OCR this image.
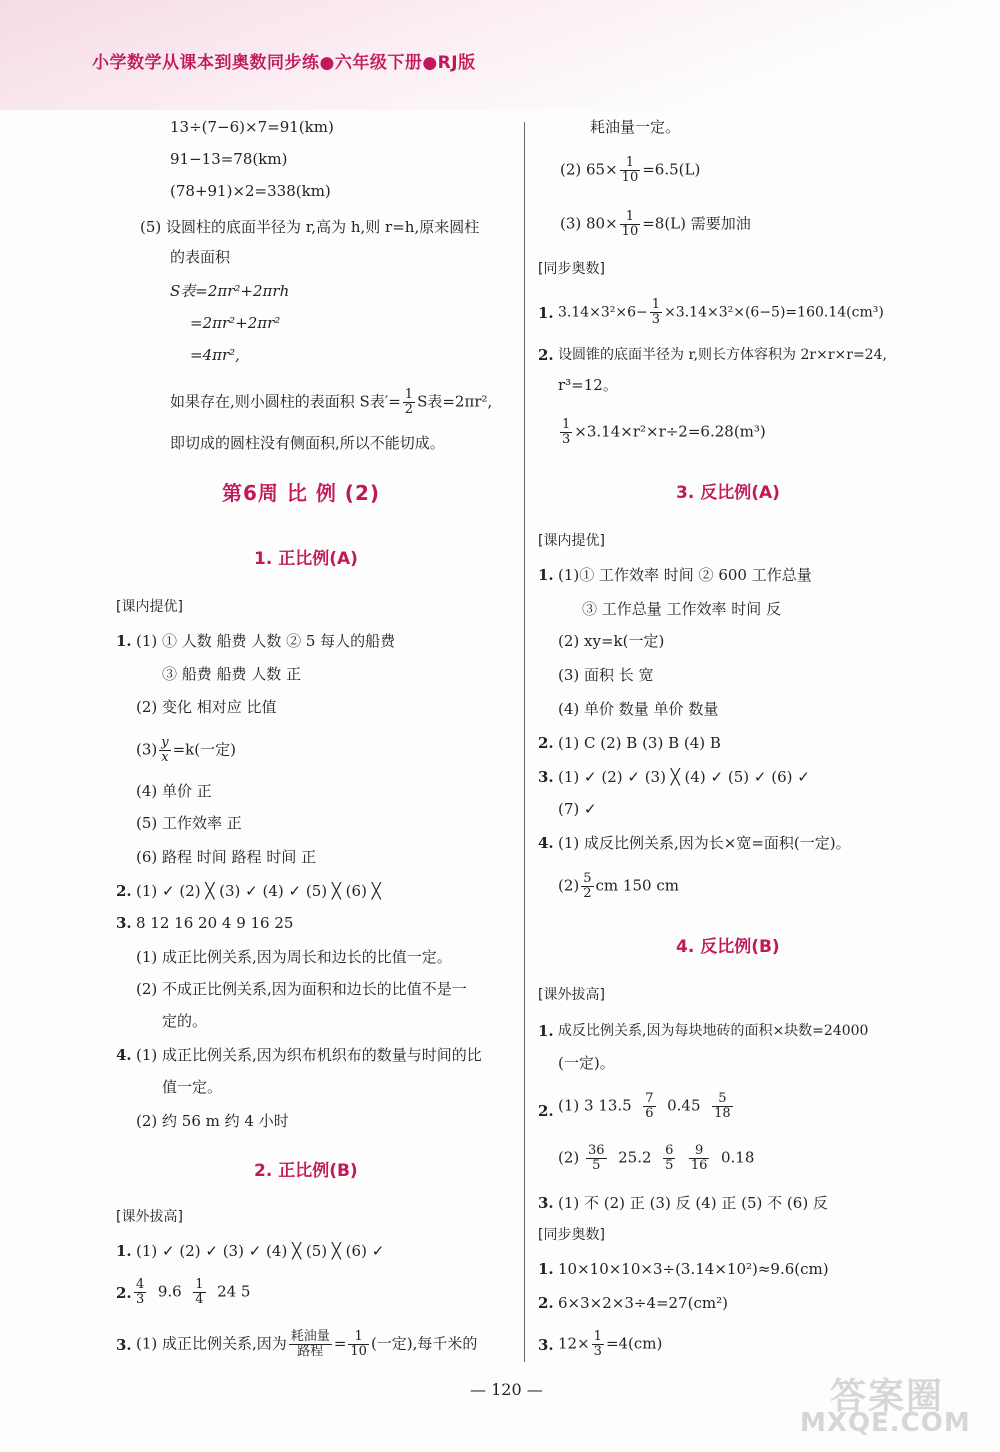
小学数学从课本到奥数同步练●六年级下册●RJ版
13÷(7−6)×7=91(km)
91−13=78(km)
(78+91)×2=338(km)
(5) 设圆柱的底面半径为 r,高为 h,则 r=h,原来圆柱
的表面积
S表=2πr²+2πrh
=2πr²+2πr²
=4πr²,
如果存在,则小圆柱的表面积 S表′= $\frac{1}{2}$ S表=2πr²,
即切成的圆柱没有侧面积,所以不能切成。
第6周 比 例 (2)
1. 正比例(A)
[课内提优]
1. (1) ① 人数 船费 人数 ② 5 每人的船费
③ 船费 船费 人数 正
(2) 变化 相对应 比值
$(3) \frac{y}{x} =k$(一定)
(4) 单价 正
(5) 工作效率 正
(6) 路程 时间 路程 时间 正
2. (1) ✓ (2) ╳ (3) ✓ (4) ✓ (5) ╳ (6) ╳
3. 8 12 16 20 4 9 16 25
(1) 成正比例关系,因为周长和边长的比值一定。
(2) 不成正比例关系,因为面积和边长的比值不是一
定的。
4. (1) 成正比例关系,因为织布机织布的数量与时间的比
值一定。
(2) 约 56 m 约 4 小时
2. 正比例(B)
[课外拔高]
1. (1) ✓ (2) ✓ (3) ✓ (4) ╳ (5) ╳ (6) ✓
2. $\frac{4}{3} 9.6 \frac{1}{4} 24$ 5
3. (1) 成正比例关系,因为 耗油量
路程 = $\frac{1}{10}$ (一定),每千米的
耗油量一定。
(2) $65\times \frac{1}{10} =6.5(L)$
(3) $80\times \frac{1}{10} =8(L)$ 需要加油
[同步奥数]
1. $3.14\times 3^2\times 6- \frac{1}{3} \times 3.14\times 3^2\times(6-5)=160.14(cm^3)$
2. 设圆锥的底面半径为 r,则长方体容积为 2r×r×r=24,
r³=12。
$\frac{1}{3} \times 3.14\times r^2\times r\div 2=6.28(m^3)$
3. 反比例(A)
[课内提优]
1. (1)① 工作效率 时间 ② 600 工作总量
③ 工作总量 工作效率 时间 反
(2) xy=k(一定)
(3) 面积 长 宽
(4) 单价 数量 单价 数量
2. (1) C (2) B (3) B (4) B
3. (1) ✓ (2) ✓ (3) ╳ (4) ✓ (5) ✓ (6) ✓
(7) ✓
4. (1) 成反比例关系,因为长×宽=面积(一定)。
$(2) \frac{5}{2}$ cm 150 cm
4. 反比例(B)
[课外拔高]
1. 成反比例关系,因为每块地砖的面积×块数=24000
(一定)。
2. (1) 3 $13.5 \frac{7}{6} 0.45 \frac{5}{18}$
$(2) \frac{36}{5} 25.2 \frac{6}{5}$
$\frac{9}{16} 0.18$
3. (1) 不 (2) 正 (3) 反 (4) 正 (5) 不 (6) 反
[同步奥数]
1. 10×10×10×3÷(3.14×10²)≈9.6(cm)
2. 6×3×2×3÷4=27(cm²)
3. $12\times \frac{1}{3} =4(cm)$
— 120 —	答案圈
MXQE.COM
